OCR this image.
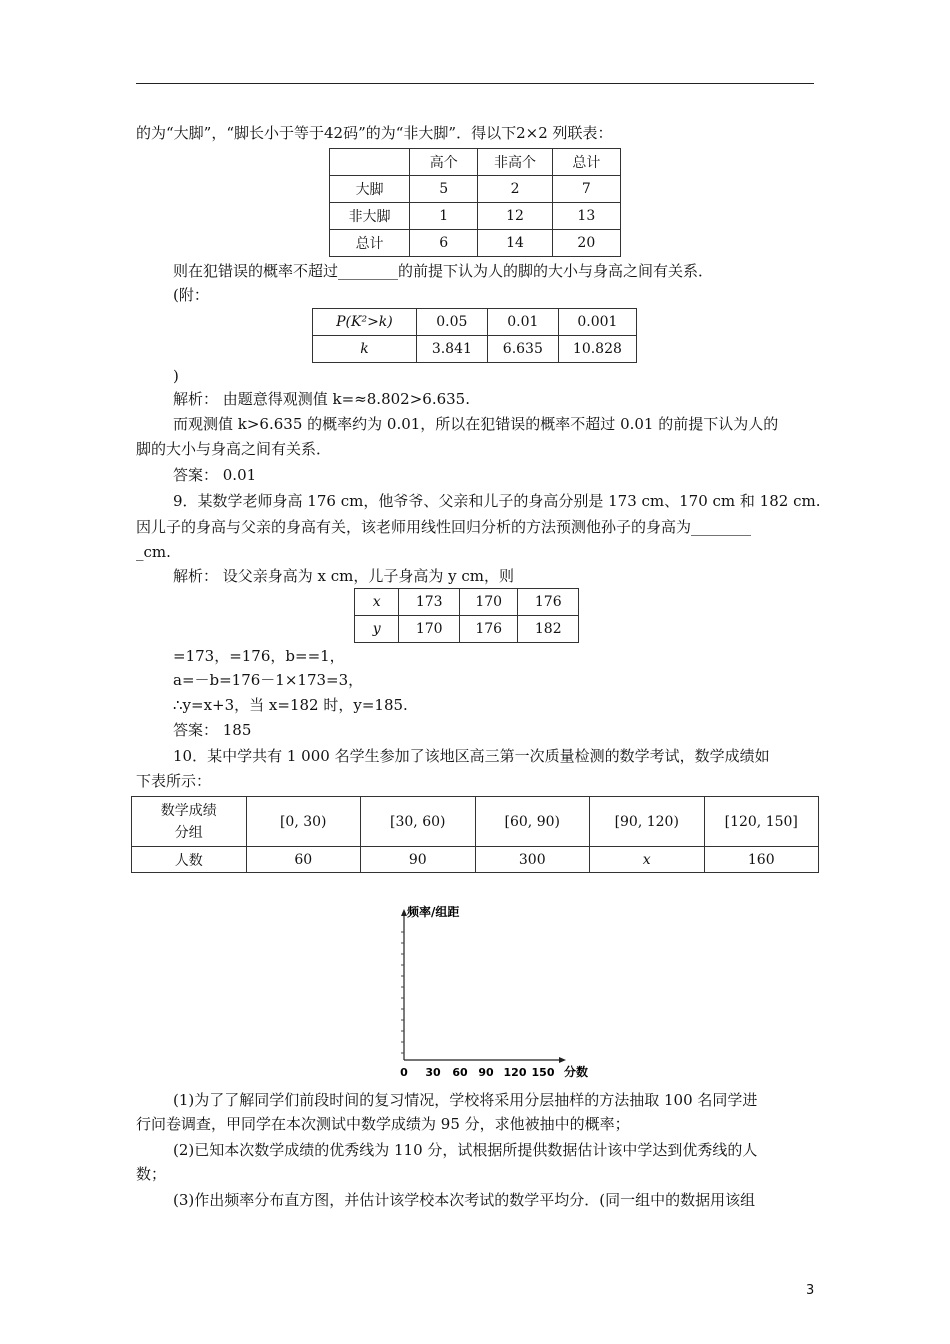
的为“大脚”，“脚长小于等于42码”的为“非大脚”．得以下2×2 列联表：
	高个	非高个	总计
大脚	5	2	7
非大脚	1	12	13
总计	6	14	20
则在犯错误的概率不超过________的前提下认为人的脚的大小与身高之间有关系．
(附：
P(K²>k)	0.05	0.01	0.001
k	3.841	6.635	10.828
)
解析： 由题意得观测值 k=≈8.802>6.635.
而观测值 k>6.635 的概率约为 0.01，所以在犯错误的概率不超过 0.01 的前提下认为人的
脚的大小与身高之间有关系．
答案： 0.01
9．某数学老师身高 176 cm，他爷爷、父亲和儿子的身高分别是 173 cm、170 cm 和 182 cm.
因儿子的身高与父亲的身高有关，该老师用线性回归分析的方法预测他孙子的身高为________
_cm.
解析： 设父亲身高为 x cm，儿子身高为 y cm，则
x	173	170	176
y	170	176	182
=173，=176，b==1，
a=－b=176－1×173=3，
∴y=x+3，当 x=182 时，y=185.
答案： 185
10．某中学共有 1 000 名学生参加了该地区高三第一次质量检测的数学考试，数学成绩如
下表所示：
数学成绩分组	[0, 30)	[30, 60)	[60, 90)	[90, 120)	[120, 150]
人数	60	90	300	x	160
频率/组距
0 30 60 90 120 150 分数
(1)为了了解同学们前段时间的复习情况，学校将采用分层抽样的方法抽取 100 名同学进
行问卷调查，甲同学在本次测试中数学成绩为 95 分，求他被抽中的概率；
(2)已知本次数学成绩的优秀线为 110 分，试根据所提供数据估计该中学达到优秀线的人
数；
(3)作出频率分布直方图，并估计该学校本次考试的数学平均分．(同一组中的数据用该组
3
